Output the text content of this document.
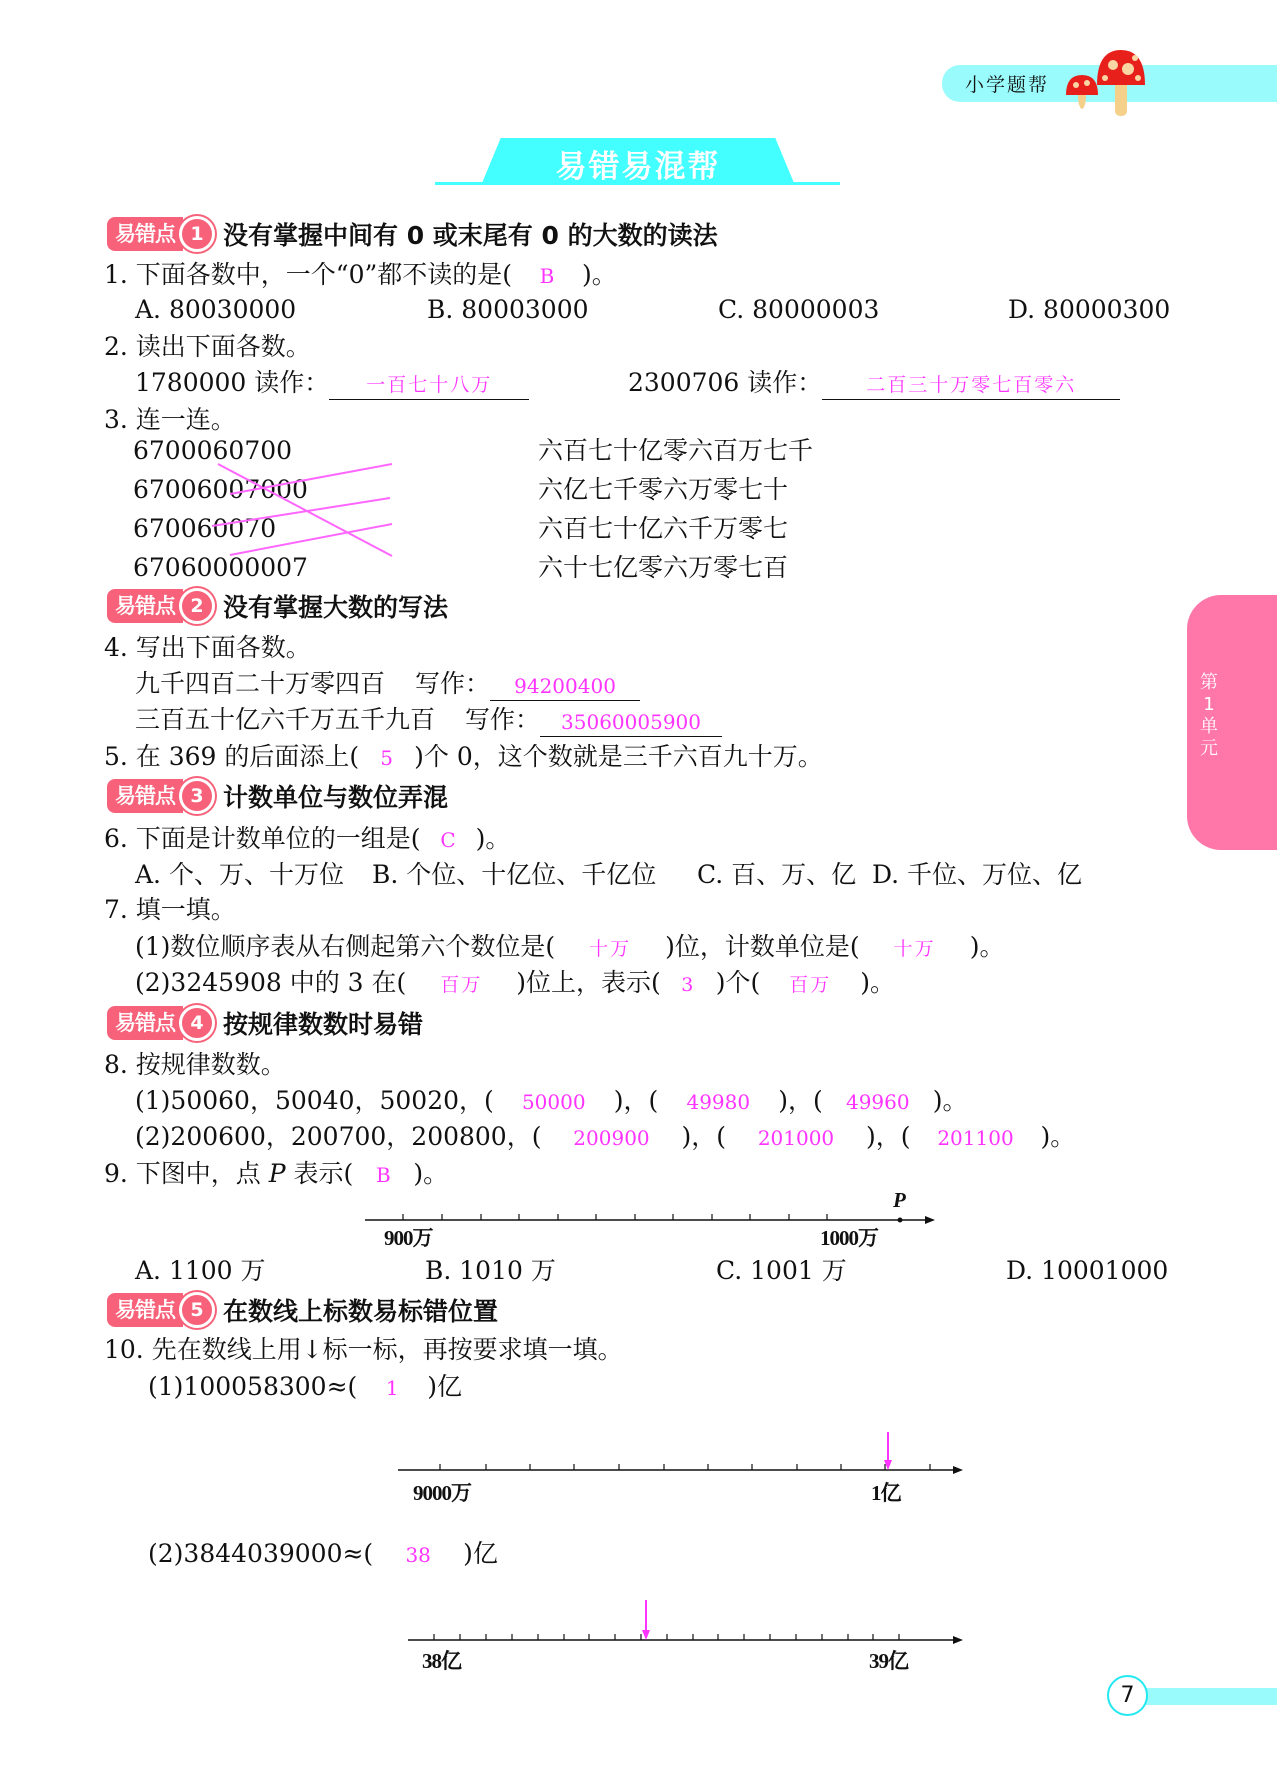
小学题帮
易错易混帮
第1单元
易错点 1 没有掌握中间有 0 或末尾有 0 的大数的读法
1. 下面各数中，一个“0”都不读的是( B )。
A. 80030000	B. 80003000	C. 80000003	D. 80000300
2. 读出下面各数。
1780000 读作： 一百七十八万	2300706 读作： 二百三十万零七百零六
3. 连一连。
6700060700
67006007000
670060070
67060000007
六百七十亿零六百万七千
六亿七千零六万零七十
六百七十亿六千万零七
六十七亿零六万零七百
易错点 2 没有掌握大数的写法
4. 写出下面各数。
九千四百二十万零四百 写作： 94200400
三百五十亿六千万五千九百 写作： 35060005900
5. 在 369 的后面添上( 5 )个 0，这个数就是三千六百九十万。
易错点 3 计数单位与数位弄混
6. 下面是计数单位的一组是( C )。
A. 个、万、十万位 B. 个位、十亿位、千亿位 C. 百、万、亿 D. 千位、万位、亿
7. 填一填。
(1)数位顺序表从右侧起第六个数位是( 十万 )位，计数单位是( 十万 )。
(2)3245908 中的 3 在( 百万 )位上，表示( 3 )个( 百万 )。
易错点 4 按规律数数时易错
8. 按规律数数。
(1)50060，50040，50020，( 50000 )，( 49980 )，( 49960 )。
(2)200600，200700，200800，( 200900 )，( 201000 )，( 201100 )。
9. 下图中，点 P 表示( B )。
900万	1000万
P
A. 1100 万	B. 1010 万	C. 1001 万	D. 10001000
易错点 5 在数线上标数易标错位置
10. 先在数线上用↓标一标，再按要求填一填。
(1)100058300≈( 1 )亿
9000万	1亿
(2)3844039000≈( 38 )亿
38亿	39亿
7
